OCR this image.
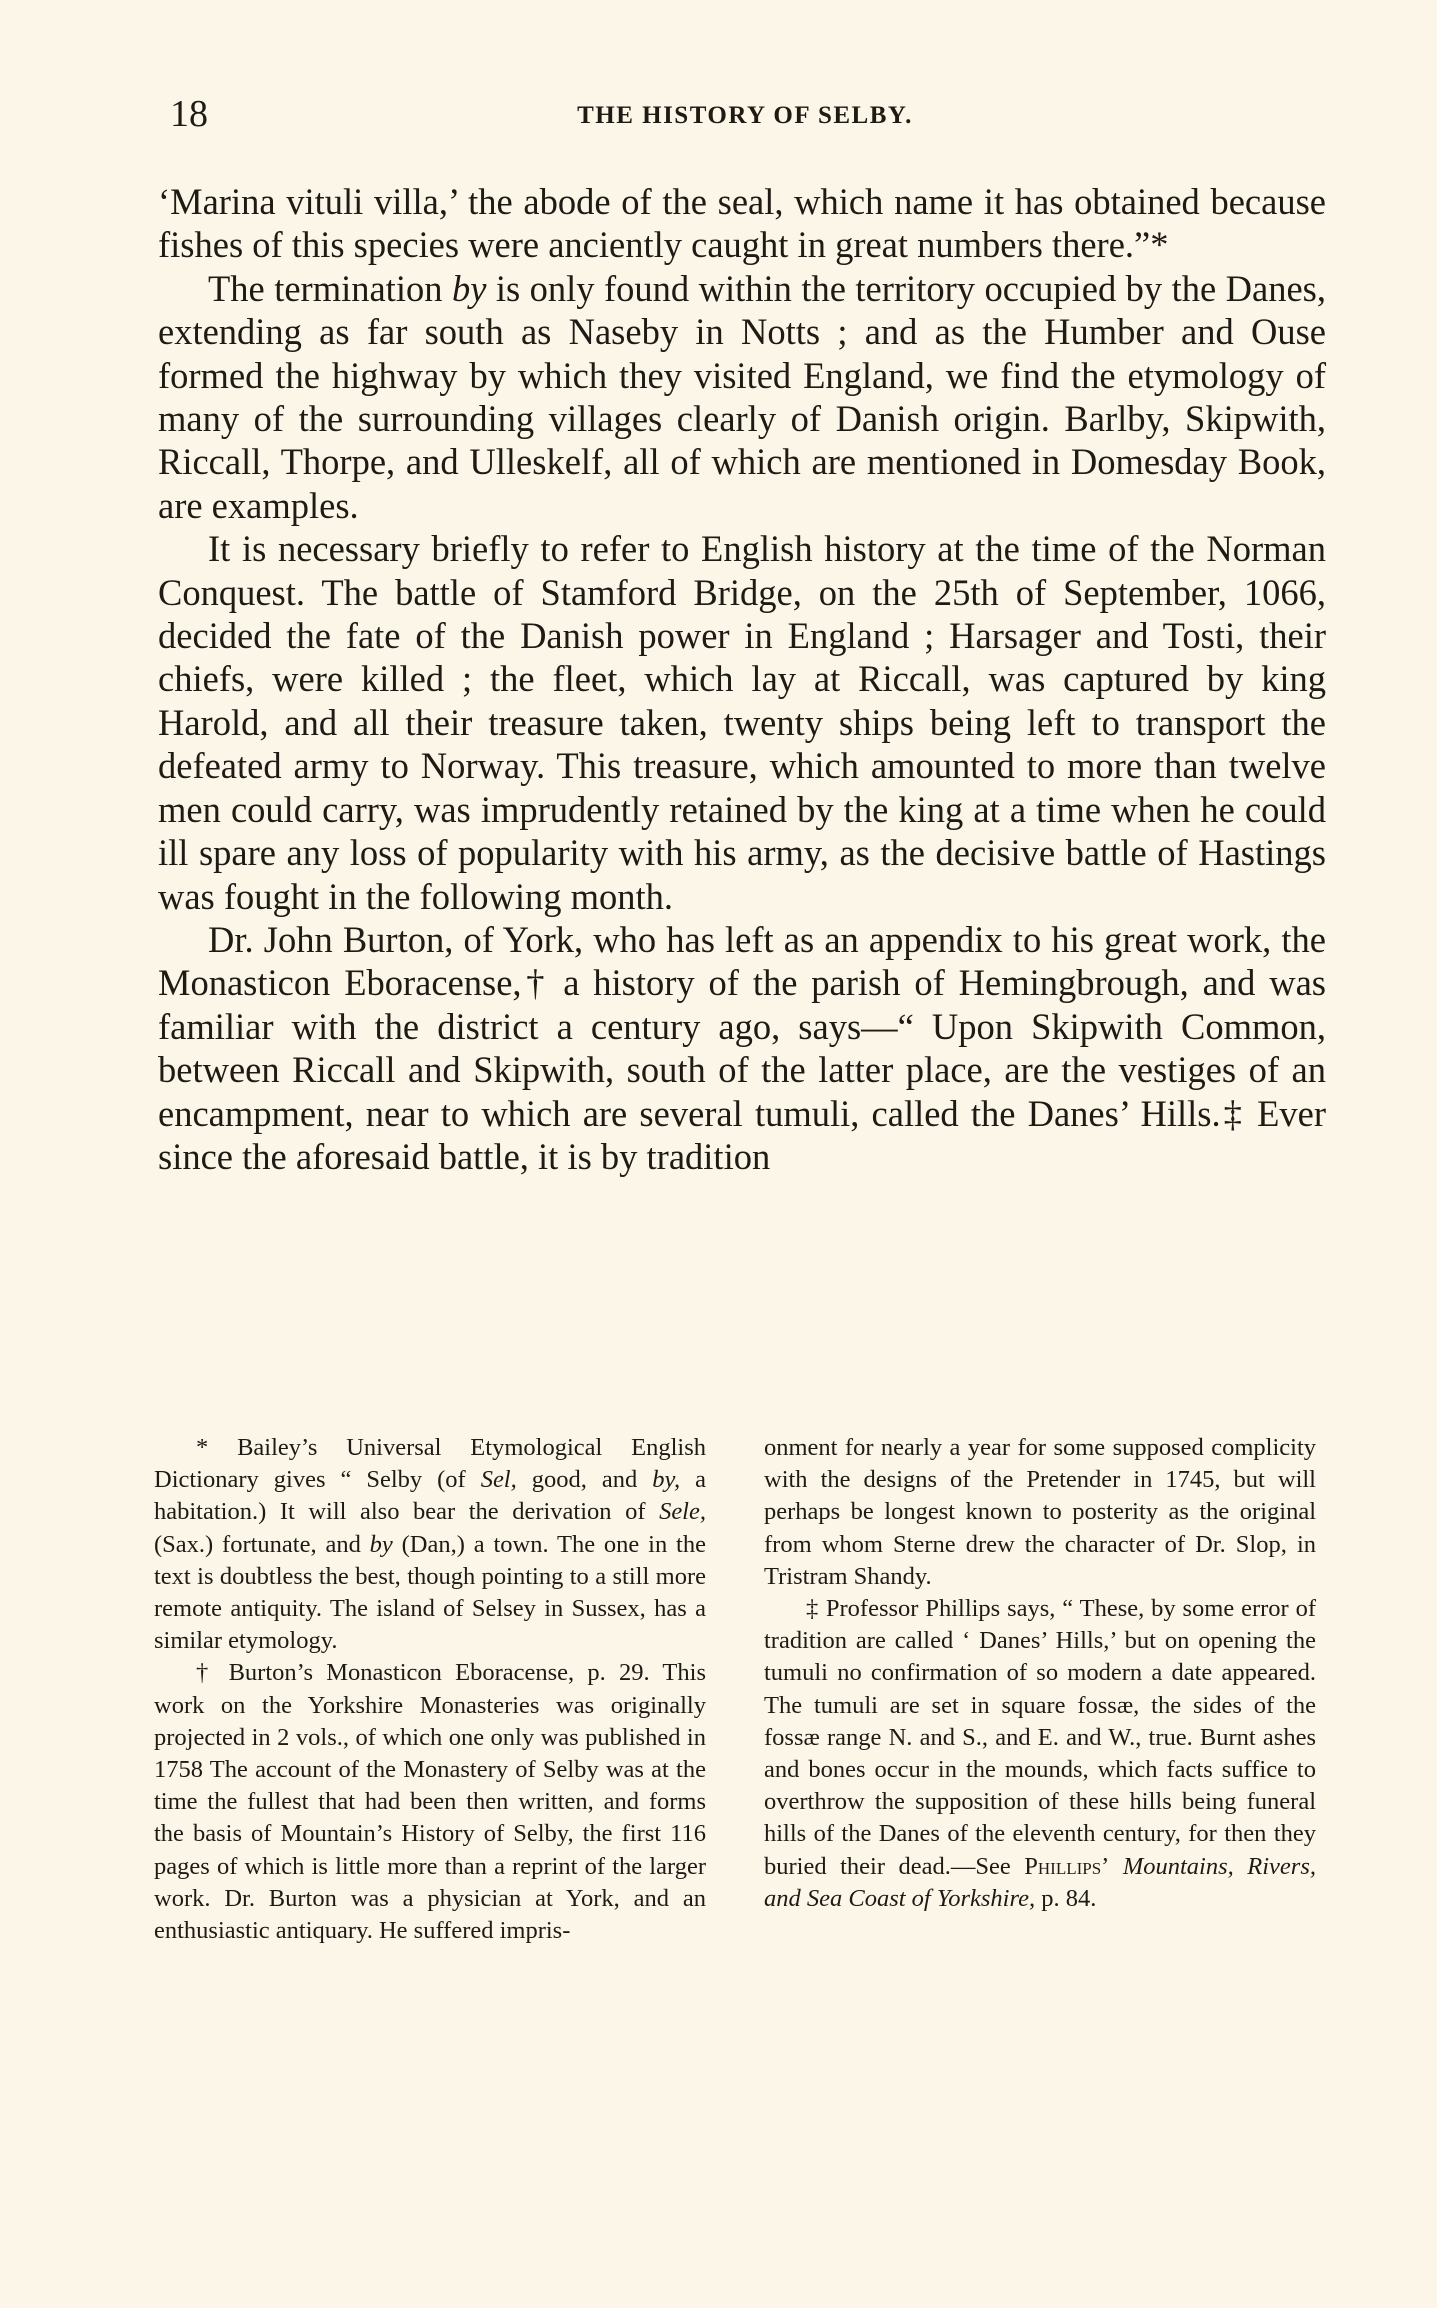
18	THE HISTORY OF SELBY.

‘Marina vituli villa,’ the abode of the seal, which name it has obtained because fishes of this species were anciently caught in great numbers there.”*

The termination by is only found within the territory occupied by the Danes, extending as far south as Naseby in Notts ; and as the Humber and Ouse formed the highway by which they visited England, we find the etymology of many of the surrounding villages clearly of Danish origin. Barlby, Skipwith, Riccall, Thorpe, and Ulleskelf, all of which are mentioned in Domesday Book, are examples.

It is necessary briefly to refer to English history at the time of the Norman Conquest. The battle of Stamford Bridge, on the 25th of September, 1066, decided the fate of the Danish power in England ; Harsager and Tosti, their chiefs, were killed ; the fleet, which lay at Riccall, was captured by king Harold, and all their treasure taken, twenty ships being left to transport the defeated army to Norway. This treasure, which amounted to more than twelve men could carry, was imprudently retained by the king at a time when he could ill spare any loss of popularity with his army, as the decisive battle of Hastings was fought in the following month.

Dr. John Burton, of York, who has left as an appendix to his great work, the Monasticon Eboracense,† a history of the parish of Hemingbrough, and was familiar with the district a century ago, says—“ Upon Skipwith Common, between Riccall and Skipwith, south of the latter place, are the vestiges of an encampment, near to which are several tumuli, called the Danes’ Hills.‡ Ever since the aforesaid battle, it is by tradition

* Bailey’s Universal Etymological English Dictionary gives “ Selby (of Sel, good, and by, a habitation.) It will also bear the derivation of Sele, (Sax.) fortunate, and by (Dan,) a town. The one in the text is doubtless the best, though pointing to a still more remote antiquity. The island of Selsey in Sussex, has a similar etymology.

† Burton’s Monasticon Eboracense, p. 29. This work on the Yorkshire Monasteries was originally projected in 2 vols., of which one only was published in 1758 The account of the Monastery of Selby was at the time the fullest that had been then written, and forms the basis of Mountain’s History of Selby, the first 116 pages of which is little more than a reprint of the larger work. Dr. Burton was a physician at York, and an enthusiastic antiquary. He suffered impris-

onment for nearly a year for some supposed complicity with the designs of the Pretender in 1745, but will perhaps be longest known to posterity as the original from whom Sterne drew the character of Dr. Slop, in Tristram Shandy.

‡ Professor Phillips says, “ These, by some error of tradition are called ‘ Danes’ Hills,’ but on opening the tumuli no confirmation of so modern a date appeared. The tumuli are set in square fossæ, the sides of the fossæ range N. and S., and E. and W., true. Burnt ashes and bones occur in the mounds, which facts suffice to overthrow the supposition of these hills being funeral hills of the Danes of the eleventh century, for then they buried their dead.—See Phillips’ Mountains, Rivers, and Sea Coast of Yorkshire, p. 84.
